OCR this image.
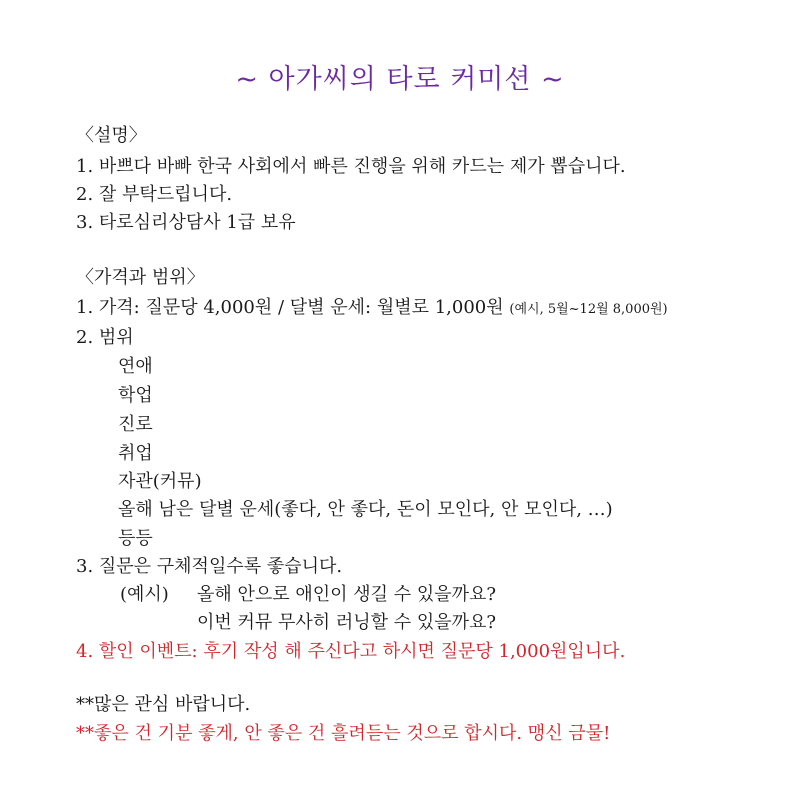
~ 아가씨의 타로 커미션 ~
〈설명〉
1. 바쁘다 바빠 한국 사회에서 빠른 진행을 위해 카드는 제가 뽑습니다.
2. 잘 부탁드립니다.
3. 타로심리상담사 1급 보유
〈가격과 범위〉
1. 가격: 질문당 4,000원 / 달별 운세: 월별로 1,000원 (예시, 5월~12월 8,000원)
2. 범위
연애
학업
진로
취업
자관(커뮤)
올해 남은 달별 운세(좋다, 안 좋다, 돈이 모인다, 안 모인다, …)
등등
3. 질문은 구체적일수록 좋습니다.
(예시) 올해 안으로 애인이 생길 수 있을까요?
이번 커뮤 무사히 러닝할 수 있을까요?
4. 할인 이벤트: 후기 작성 해 주신다고 하시면 질문당 1,000원입니다.
**많은 관심 바랍니다.
**좋은 건 기분 좋게, 안 좋은 건 흘려듣는 것으로 합시다. 맹신 금물!
